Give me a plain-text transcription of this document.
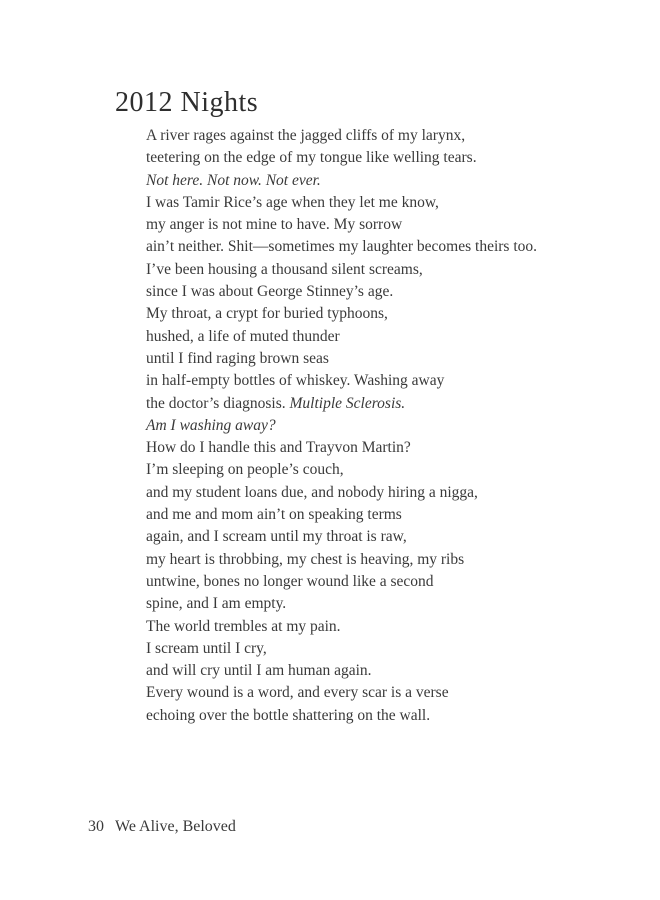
2012 Nights
A river rages against the jagged cliffs of my larynx,
teetering on the edge of my tongue like welling tears.
Not here. Not now. Not ever.
I was Tamir Rice’s age when they let me know,
my anger is not mine to have. My sorrow
ain’t neither. Shit—sometimes my laughter becomes theirs too.
I’ve been housing a thousand silent screams,
since I was about George Stinney’s age.
My throat, a crypt for buried typhoons,
hushed, a life of muted thunder
until I find raging brown seas
in half-empty bottles of whiskey. Washing away
the doctor’s diagnosis. Multiple Sclerosis.
Am I washing away?
How do I handle this and Trayvon Martin?
I’m sleeping on people’s couch,
and my student loans due, and nobody hiring a nigga,
and me and mom ain’t on speaking terms
again, and I scream until my throat is raw,
my heart is throbbing, my chest is heaving, my ribs
untwine, bones no longer wound like a second
spine, and I am empty.
The world trembles at my pain.
I scream until I cry,
and will cry until I am human again.
Every wound is a word, and every scar is a verse
echoing over the bottle shattering on the wall.
30 We Alive, Beloved
